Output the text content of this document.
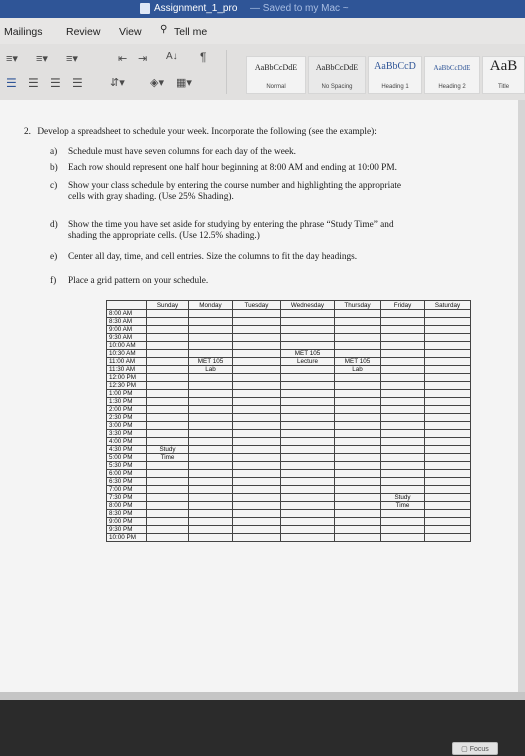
Assignment_1_pro — Saved to my Mac ~
Mailings Review View ⚲ Tell me
≡▾ ≡▾ ≡▾	⇤ ⇥ A↓ ¶
☰ ☰ ☰ ☰ ⇵▾ ◈▾ ▦▾
AaBbCcDdE
Normal
AaBbCcDdE
No Spacing
AaBbCcD
Heading 1
AaBbCcDdE
Heading 2
AaB
Title
2. Develop a spreadsheet to schedule your week. Incorporate the following (see the example):
a) Schedule must have seven columns for each day of the week.
b) Each row should represent one half hour beginning at 8:00 AM and ending at 10:00 PM.
c) Show your class schedule by entering the course number and highlighting the appropriate
cells with gray shading. (Use 25% Shading).
d) Show the time you have set aside for studying by entering the phrase “Study Time” and
shading the appropriate cells. (Use 12.5% shading.)
e) Center all day, time, and cell entries. Size the columns to fit the day headings.
f) Place a grid pattern on your schedule.
	Sunday	Monday	Tuesday	Wednesday	Thursday	Friday	Saturday
8:00 AM							
8:30 AM							
9:00 AM							
9:30 AM							
10:00 AM							
10:30 AM				MET 105			
11:00 AM		MET 105		Lecture	MET 105		
11:30 AM		Lab			Lab		
12:00 PM							
12:30 PM							
1:00 PM							
1:30 PM							
2:00 PM							
2:30 PM							
3:00 PM							
3:30 PM							
4:00 PM							
4:30 PM	Study						
5:00 PM	Time						
5:30 PM							
6:00 PM							
6:30 PM							
7:00 PM							
7:30 PM						Study	
8:00 PM						Time	
8:30 PM							
9:00 PM							
9:30 PM							
10:00 PM							
▢ Focus
